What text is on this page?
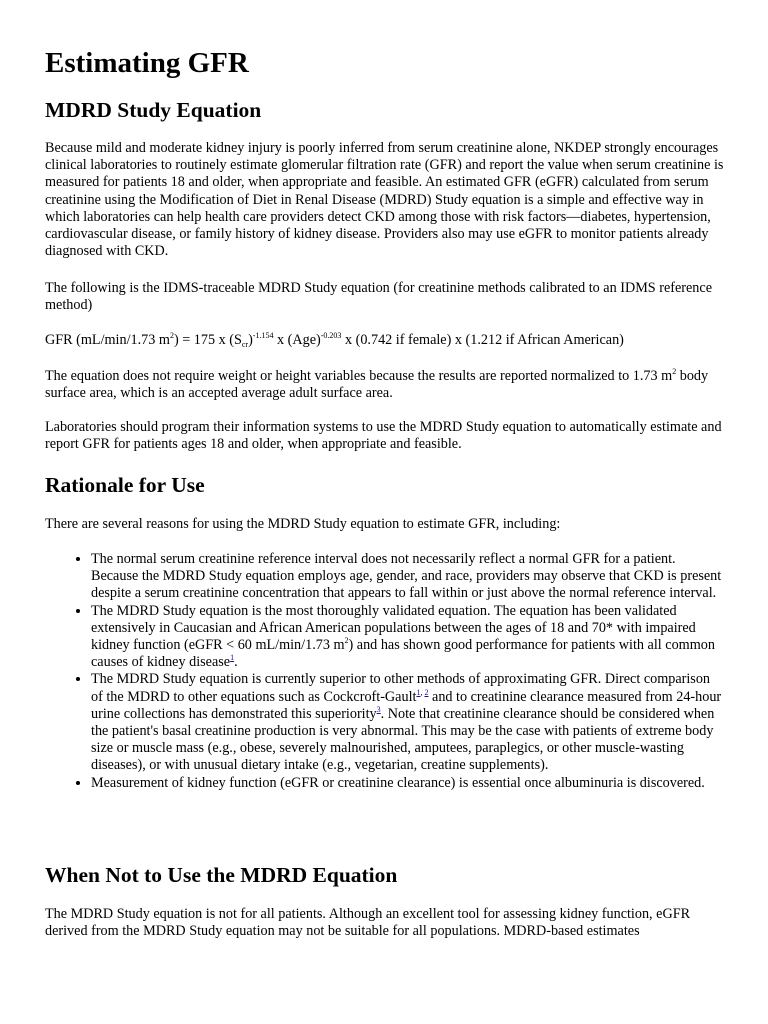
Estimating GFR
MDRD Study Equation

Because mild and moderate kidney injury is poorly inferred from serum creatinine alone, NKDEP strongly encourages clinical laboratories to routinely estimate glomerular filtration rate (GFR) and report the value when serum creatinine is measured for patients 18 and older, when appropriate and feasible. An estimated GFR (eGFR) calculated from serum creatinine using the Modification of Diet in Renal Disease (MDRD) Study equation is a simple and effective way in which laboratories can help health care providers detect CKD among those with risk factors—diabetes, hypertension, cardiovascular disease, or family history of kidney disease. Providers also may use eGFR to monitor patients already diagnosed with CKD.

The following is the IDMS-traceable MDRD Study equation (for creatinine methods calibrated to an IDMS reference method)

GFR (mL/min/1.73 $m^2) = 175$ x $(S_{cr})^{-1.154}$ x (Age)$^{-0.203}$ x (0.742 if female) x (1.212 if African American)

The equation does not require weight or height variables because the results are reported normalized to 1.73 $m^2$ body surface area, which is an accepted average adult surface area.

Laboratories should program their information systems to use the MDRD Study equation to automatically estimate and report GFR for patients ages 18 and older, when appropriate and feasible.

Rationale for Use

There are several reasons for using the MDRD Study equation to estimate GFR, including:

• The normal serum creatinine reference interval does not necessarily reflect a normal GFR for a patient. Because the MDRD Study equation employs age, gender, and race, providers may observe that CKD is present despite a serum creatinine concentration that appears to fall within or just above the normal reference interval.
• The MDRD Study equation is the most thoroughly validated equation. The equation has been validated extensively in Caucasian and African American populations between the ages of 18 and 70* with impaired kidney function (eGFR < 60 mL/min/1.73 $m^2$) and has shown good performance for patients with all common causes of kidney disease$^1$.
• The MDRD Study equation is currently superior to other methods of approximating GFR. Direct comparison of the MDRD to other equations such as Cockcroft-Gault$^{1, 2}$ and to creatinine clearance measured from 24-hour urine collections has demonstrated this superiority$^3$. Note that creatinine clearance should be considered when the patient's basal creatinine production is very abnormal. This may be the case with patients of extreme body size or muscle mass (e.g., obese, severely malnourished, amputees, paraplegics, or other muscle-wasting diseases), or with unusual dietary intake (e.g., vegetarian, creatine supplements).
• Measurement of kidney function (eGFR or creatinine clearance) is essential once albuminuria is discovered.
When Not to Use the MDRD Equation

The MDRD Study equation is not for all patients. Although an excellent tool for assessing kidney function, eGFR derived from the MDRD Study equation may not be suitable for all populations. MDRD-based estimates
